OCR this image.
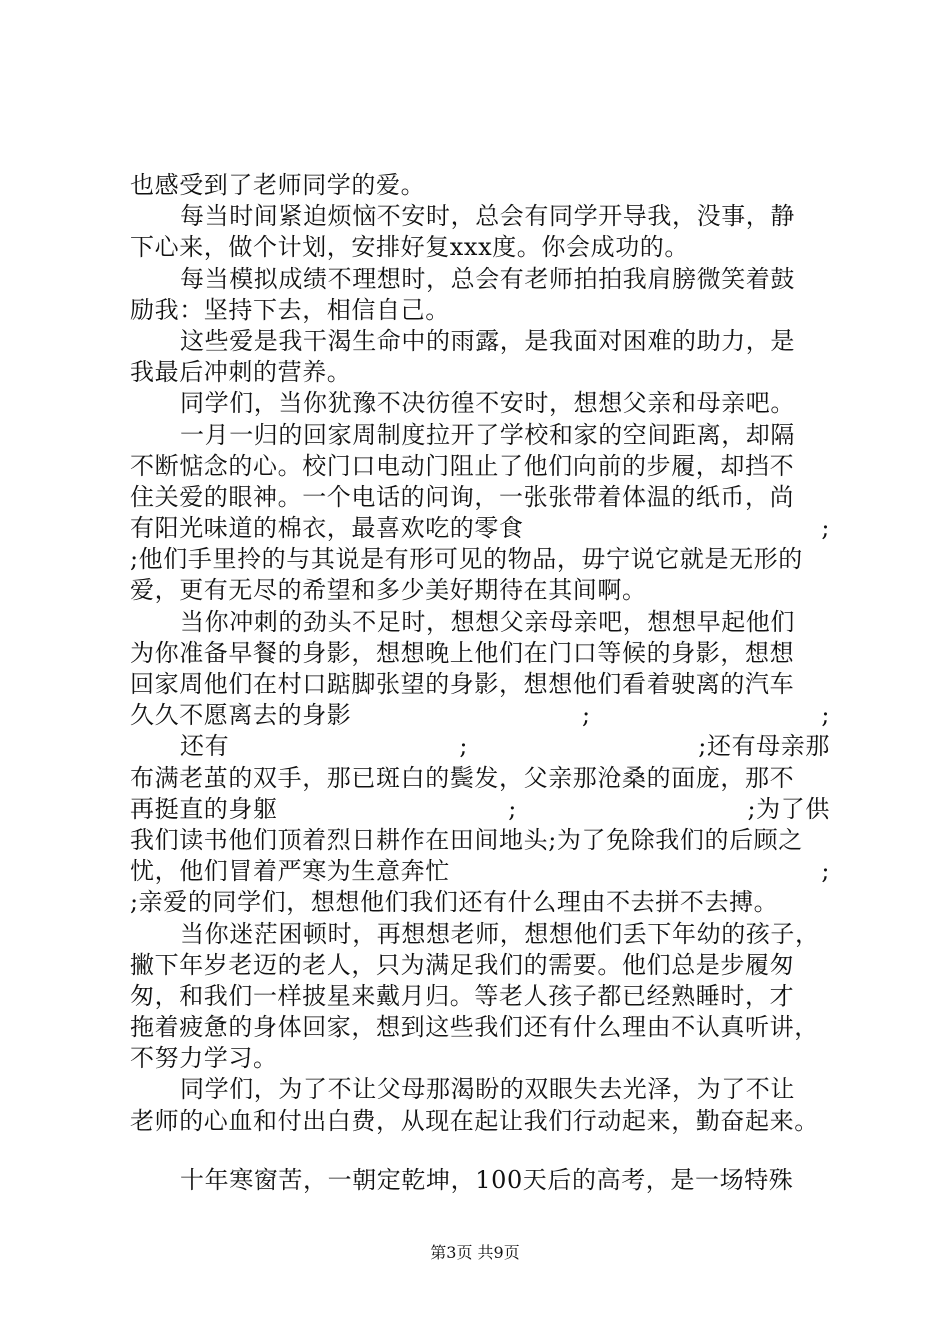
也感受到了老师同学的爱。
每当时间紧迫烦恼不安时，总会有同学开导我，没事，静
下心来，做个计划，安排好复xxx度。你会成功的。
每当模拟成绩不理想时，总会有老师拍拍我肩膀微笑着鼓
励我：坚持下去，相信自己。
这些爱是我干渴生命中的雨露，是我面对困难的助力，是
我最后冲刺的营养。
同学们，当你犹豫不决彷徨不安时，想想父亲和母亲吧。
一月一归的回家周制度拉开了学校和家的空间距离，却隔
不断惦念的心。校门口电动门阻止了他们向前的步履，却挡不
住关爱的眼神。一个电话的问询，一张张带着体温的纸币，尚
有阳光味道的棉衣，最喜欢吃的零食	;
;他们手里拎的与其说是有形可见的物品，毋宁说它就是无形的
爱，更有无尽的希望和多少美好期待在其间啊。
当你冲刺的劲头不足时，想想父亲母亲吧，想想早起他们
为你准备早餐的身影，想想晚上他们在门口等候的身影，想想
回家周他们在村口踮脚张望的身影，想想他们看着驶离的汽车
久久不愿离去的身影	;	;
还有	;	;还有母亲那
布满老茧的双手，那已斑白的鬓发，父亲那沧桑的面庞，那不
再挺直的身躯	;	;为了供
我们读书他们顶着烈日耕作在田间地头;为了免除我们的后顾之
忧，他们冒着严寒为生意奔忙	;
;亲爱的同学们，想想他们我们还有什么理由不去拼不去搏。
当你迷茫困顿时，再想想老师，想想他们丢下年幼的孩子，
撇下年岁老迈的老人，只为满足我们的需要。他们总是步履匆
匆，和我们一样披星来戴月归。等老人孩子都已经熟睡时，才
拖着疲惫的身体回家，想到这些我们还有什么理由不认真听讲，
不努力学习。
同学们，为了不让父母那渴盼的双眼失去光泽，为了不让
老师的心血和付出白费，从现在起让我们行动起来，勤奋起来。
十年寒窗苦，一朝定乾坤，100天后的高考，是一场特殊
第3页 共9页
